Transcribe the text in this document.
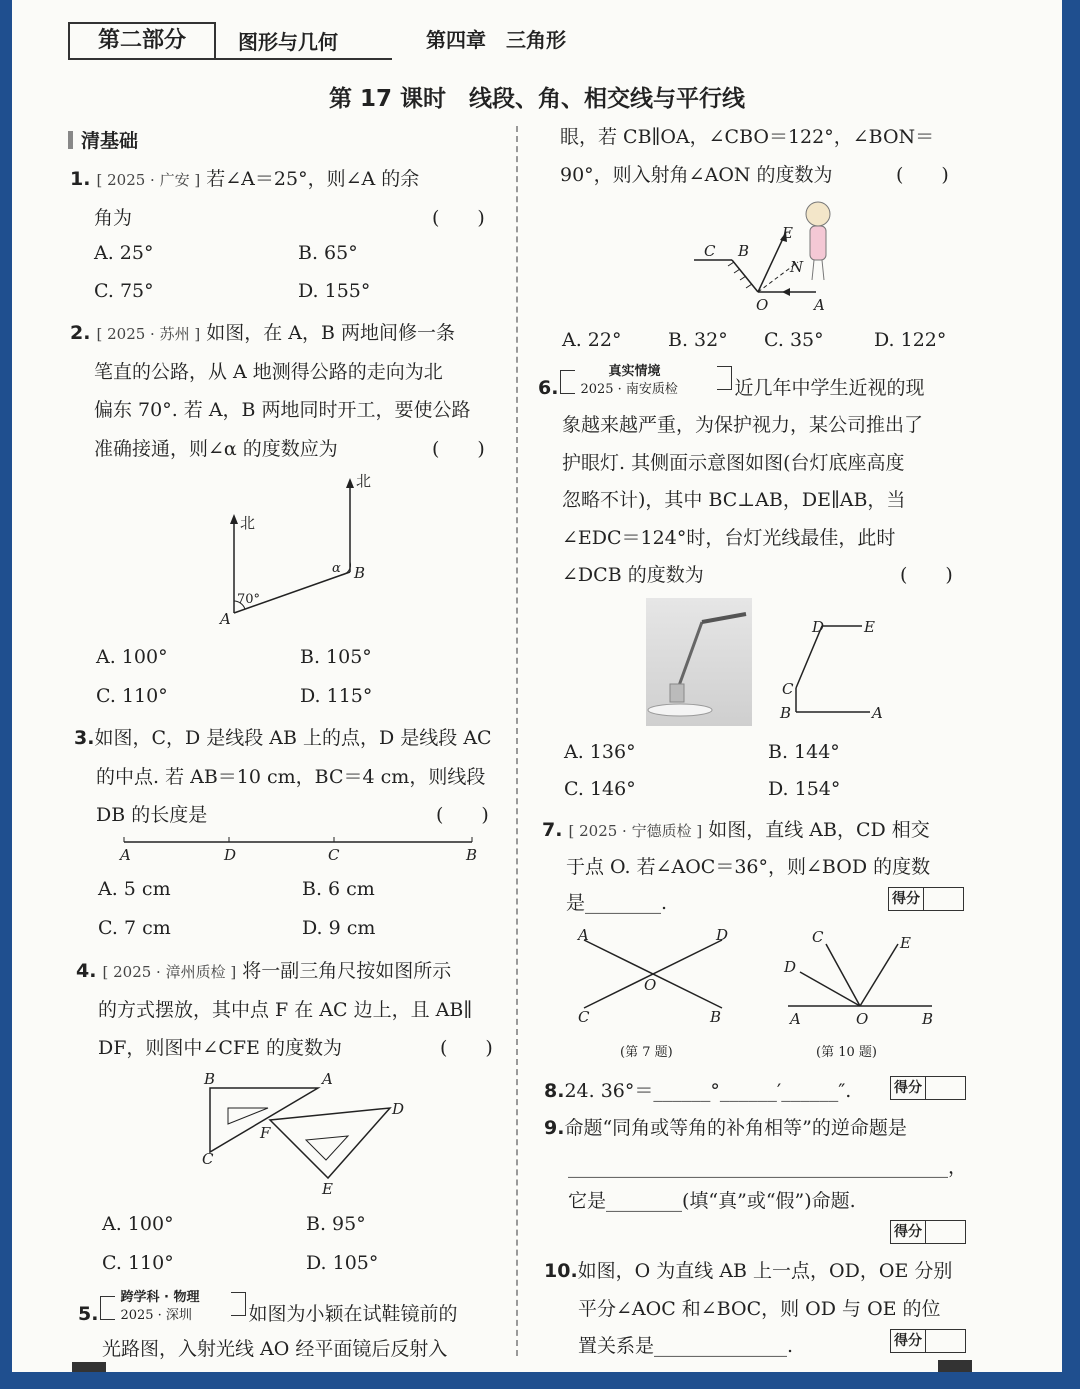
第二部分	图形与几何	第四章　三角形
第 17 课时　线段、角、相交线与平行线
清基础
1. [ 2025 · 广安 ] 若∠A＝25°，则∠A 的余
角为	(　　)
A. 25°	B. 65°
C. 75°	D. 155°
2. [ 2025 · 苏州 ] 如图，在 A，B 两地间修一条
笔直的公路，从 A 地测得公路的走向为北
偏东 70°. 若 A，B 两地同时开工，要使公路
准确接通，则∠α 的度数应为	(　　)
北
北
A
B
70°
α
A. 100°	B. 105°
C. 110°	D. 115°
3.如图，C，D 是线段 AB 上的点，D 是线段 AC
的中点. 若 AB＝10 cm，BC＝4 cm，则线段
DB 的长度是	(　　)
A	D	C	B
A. 5 cm	B. 6 cm
C. 7 cm	D. 9 cm
4. [ 2025 · 漳州质检 ] 将一副三角尺按如图所示
的方式摆放，其中点 F 在 AC 边上，且 AB∥
DF，则图中∠CFE 的度数为	(　　)
B	A
C
F
D
E
A. 100°	B. 95°
C. 110°	D. 105°
5.
跨学科 · 物理
2025 · 深圳	如图为小颖在试鞋镜前的
光路图，入射光线 AO 经平面镜后反射入
眼，若 CB∥OA，∠CBO＝122°，∠BON＝
90°，则入射角∠AON 的度数为	(　　)
C B
E
N
O	A
A. 22° B. 32° C. 35°	D. 122°
6.
真实情境
2025 · 南安质检	近几年中学生近视的现
象越来越严重，为保护视力，某公司推出了
护眼灯. 其侧面示意图如图(台灯底座高度
忽略不计)，其中 BC⊥AB，DE∥AB，当
∠EDC＝124°时，台灯光线最佳，此时
∠DCB 的度数为	(　　)
D	E
C
B	A
A. 136°	B. 144°
C. 146°	D. 154°
7. [ 2025 · 宁德质检 ] 如图，直线 AB，CD 相交
于点 O. 若∠AOC＝36°，则∠BOD 的度数
是________.	得分
A	D
O
C	B
(第 7 题)
C	E
D
A	O	B
(第 10 题)
8.24. 36°＝______°______′______″.	得分
9.命题“同角或等角的补角相等”的逆命题是
________________________________________，
它是________(填“真”或“假”)命题.
得分
10.如图，O 为直线 AB 上一点，OD，OE 分别
平分∠AOC 和∠BOC，则 OD 与 OE 的位
置关系是______________.	得分
